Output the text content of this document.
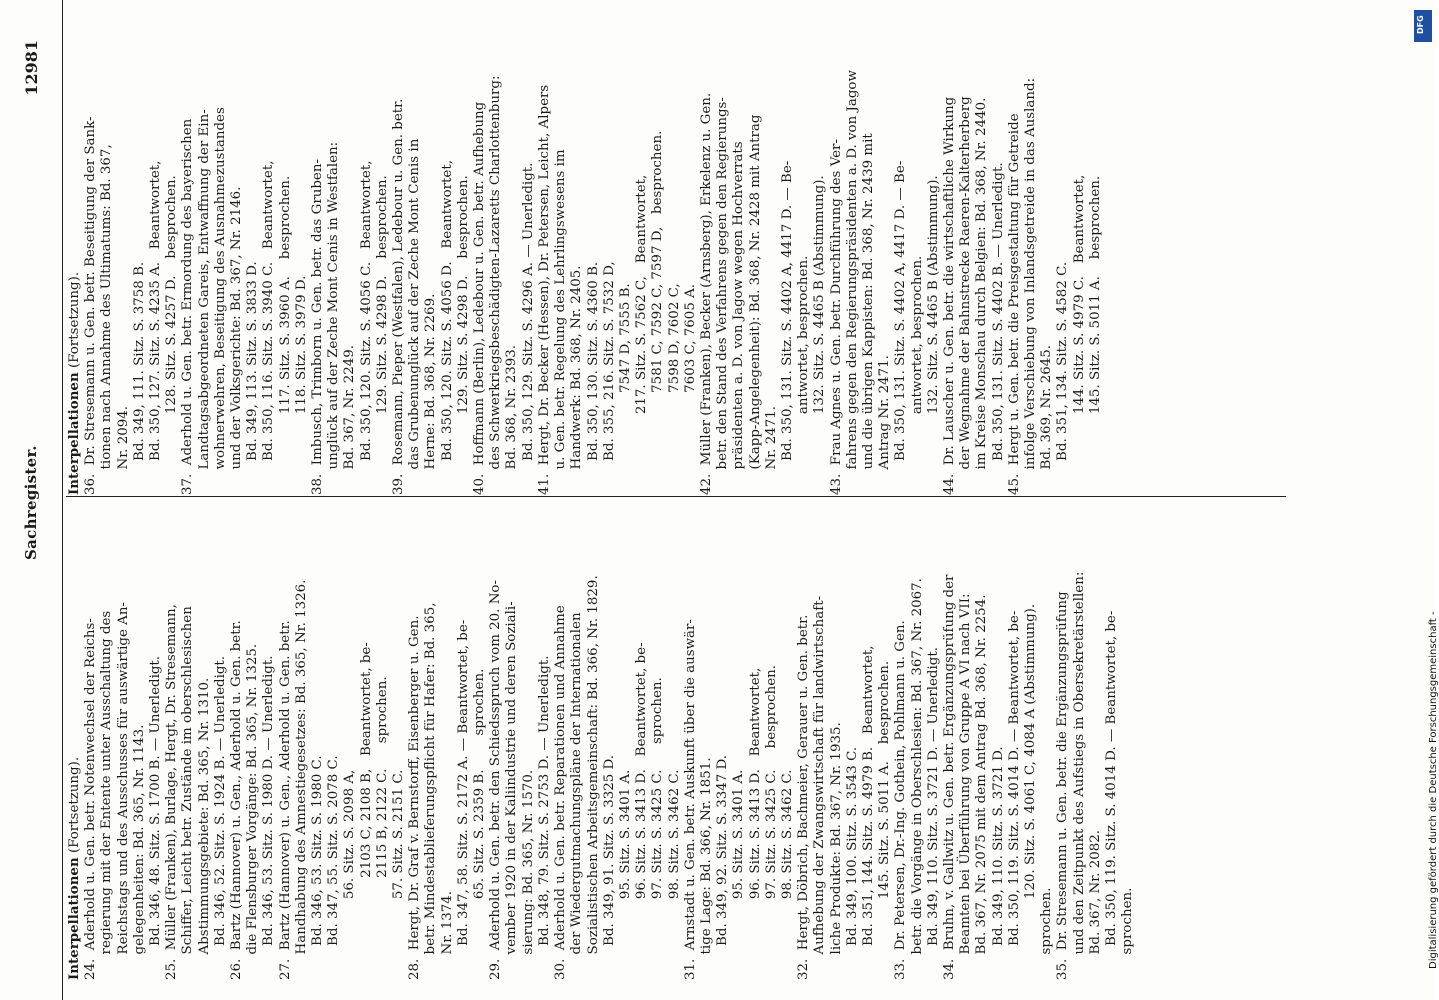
Sachregister.
12981
Interpellationen (Fortsetzung). 24.  Aderhold u. Gen. betr. Notenwechsel der Reichs- regierung mit der Entente unter Ausschaltung des Reichstags und des Ausschusses für auswärtige An- gelegenheiten: Bd. 365, Nr. 1143. Bd. 346, 48. Sitz. S. 1700 B. — Unerledigt. 25.  Müller (Franken), Burlage, Hergt, Dr. Stresemann, Schiffer, Leicht betr. Zustände im oberschlesischen Abstimmungsgebiete: Bd. 365, Nr. 1310. Bd. 346, 52. Sitz. S. 1924 B. — Unerledigt. 26.  Bartz (Hannover) u. Gen., Aderhold u. Gen. betr. die Flensburger Vorgänge: Bd. 365, Nr. 1325. Bd. 346, 53. Sitz. S. 1980 D. — Unerledigt. 27.  Bartz (Hannover) u. Gen., Aderhold u. Gen. betr. Handhabung des Amnestiegesetzes: Bd. 365, Nr. 1326. Bd. 346, 53. Sitz. S. 1980 C. Bd. 347, 55. Sitz. S. 2078 C. 56. Sitz. S. 2098 A, 2103 C, 2108 B,   Beantwortet, be- 2115 B, 2122 C.      sprochen. 57. Sitz. S. 2151 C. 28.  Hergt, Dr. Graf v. Bernstorff, Eisenberger u. Gen. betr. Mindestablieferungspflicht für Hafer: Bd. 365, Nr. 1374. Bd. 347, 58. Sitz. S. 2172 A. — Beantwortet, be- 65. Sitz. S. 2359 B.        sprochen. 29.  Aderhold u. Gen. betr. den Schiedsspruch vom 20. No- vember 1920 in der Kaliindustrie und deren Soziali- sierung: Bd. 365, Nr. 1570. Bd. 348, 79. Sitz. S. 2753 D. — Unerledigt. 30.  Aderhold u. Gen. betr. Reparationen und Annahme der Wiedergutmachungspläne der Internationalen Sozialistischen Arbeitsgemeinschaft: Bd. 366, Nr. 1829. Bd. 349, 91. Sitz. S. 3325 D. 95. Sitz. S. 3401 A. 96. Sitz. S. 3413 D.   Beantwortet, be- 97. Sitz. S. 3425 C.      sprochen. 98. Sitz. S. 3462 C. 31.  Arnstadt u. Gen. betr. Auskunft über die auswär- tige Lage: Bd. 366, Nr. 1851. Bd. 349, 92. Sitz. S. 3347 D. 95. Sitz. S. 3401 A. 96. Sitz. S. 3413 D.   Beantwortet, 97. Sitz. S. 3425 C.     besprochen. 98. Sitz. S. 3462 C. 32.  Hergt, Döbrich, Bachmeier, Gerauer u. Gen. betr. Aufhebung der Zwangswirtschaft für landwirtschaft- liche Produkte: Bd. 367, Nr. 1935. Bd. 349, 100. Sitz. S. 3543 C. Bd. 351, 144. Sitz. S. 4979 B.   Beantwortet, 145. Sitz. S. 5011 A.    besprochen. 33.  Dr. Petersen, Dr.-Ing. Gothein, Pohlmann u. Gen. betr. die Vorgänge in Oberschlesien: Bd. 367, Nr. 2067. Bd. 349, 110. Sitz. S. 3721 D. — Unerledigt. 34.  Bruhn, v. Gallwitz u. Gen. betr. Ergänzungsprüfung der Beamten bei Überführung von Gruppe A VI nach VII: Bd. 367, Nr. 2075 mit dem Antrag Bd. 368, Nr. 2254. Bd. 349, 110. Sitz. S. 3721 D. Bd. 350, 119. Sitz. S. 4014 D. — Beantwortet, be- 120. Sitz. S. 4061 C, 4084 A (Abstimmung). sprochen. 35.  Dr. Stresemann u. Gen. betr. die Ergänzungsprüfung und den Zeitpunkt des Aufstiegs in Obersekretärstellen: Bd. 367, Nr. 2082. Bd. 350, 119. Sitz. S. 4014 D. — Beantwortet, be- sprochen.
Interpellationen (Fortsetzung). 36.  Dr. Stresemann u. Gen. betr. Beseitigung der Sank- tionen nach Annahme des Ultimatums: Bd. 367, Nr. 2094. Bd. 349, 111. Sitz. S. 3758 B. Bd. 350, 127. Sitz. S. 4235 A.   Beantwortet, 128. Sitz. S. 4257 D.    besprochen. 37.  Aderhold u. Gen. betr. Ermordung des bayerischen Landtagsabgeordneten Gareis, Entwaffnung der Ein- wohnerwehren, Beseitigung des Ausnahmezustandes und der Volksgerichte: Bd. 367, Nr. 2146. Bd. 349, 113. Sitz. S. 3833 D. Bd. 350, 116. Sitz. S. 3940 C.   Beantwortet, 117. Sitz. S. 3960 A.    besprochen. 118. Sitz. S. 3979 D. 38.  Imbusch, Trimborn u. Gen. betr. das Gruben- unglück auf der Zeche Mont Cenis in Westfalen: Bd. 367, Nr. 2249. Bd. 350, 120. Sitz. S. 4056 C.   Beantwortet, 129. Sitz. S. 4298 D.    besprochen. 39.  Rosemann, Pieper (Westfalen), Ledebour u. Gen. betr. das Grubenunglück auf der Zeche Mont Cenis in Herne: Bd. 368, Nr. 2269. Bd. 350, 120. Sitz. S. 4056 D.   Beantwortet, 129. Sitz. S. 4298 D.    besprochen. 40.  Hoffmann (Berlin), Ledebour u. Gen. betr. Aufhebung des Schwerkriegsbeschädigten-Lazaretts Charlottenburg: Bd. 368, Nr. 2393. Bd. 350, 129. Sitz. S. 4296 A. — Unerledigt. 41.  Hergt, Dr. Becker (Hessen), Dr. Petersen, Leicht, Alpers u. Gen. betr. Regelung des Lehrlingswesens im Handwerk: Bd. 368, Nr. 2405. Bd. 350, 130. Sitz. S. 4360 B. Bd. 355, 216. Sitz. S. 7532 D, 7547 D, 7555 B. 217. Sitz. S. 7562 C,   Beantwortet, 7581 C, 7592 C, 7597 D,   besprochen. 7598 D, 7602 C, 7603 C, 7605 A. 42.  Müller (Franken), Becker (Arnsberg), Erkelenz u. Gen. betr. den Stand des Verfahrens gegen den Regierungs- präsidenten a. D. von Jagow wegen Hochverrats (Kapp-Angelegenheit): Bd. 368, Nr. 2428 mit Antrag Nr. 2471. Bd. 350, 131. Sitz. S. 4402 A, 4417 D. — Be- antwortet, besprochen. 132. Sitz. S. 4465 B (Abstimmung). 43.  Frau Agnes u. Gen. betr. Durchführung des Ver- fahrens gegen den Regierungspräsidenten a. D. von Jagow und die übrigen Kappisten: Bd. 368, Nr. 2439 mit Antrag Nr. 2471. Bd. 350, 131. Sitz. S. 4402 A, 4417 D. — Be- antwortet, besprochen. 132. Sitz. S. 4465 B (Abstimmung). 44.  Dr. Lauscher u. Gen. betr. die wirtschaftliche Wirkung der Wegnahme der Bahnstrecke Raeren-Kalterherberg im Kreise Monschau durch Belgien: Bd. 368, Nr. 2440. Bd. 350, 131. Sitz. S. 4402 B. — Unerledigt. 45.  Hergt u. Gen. betr. die Preisgestaltung für Getreide infolge Verschiebung von Inlandsgetreide in das Ausland: Bd. 369, Nr. 2645. Bd. 351, 134. Sitz. S. 4582 C. 144. Sitz. S. 4979 C.   Beantwortet, 145. Sitz. S. 5011 A.    besprochen.
DFG
Digitalisierung gefördert durch die Deutsche Forschungsgemeinschaft -
